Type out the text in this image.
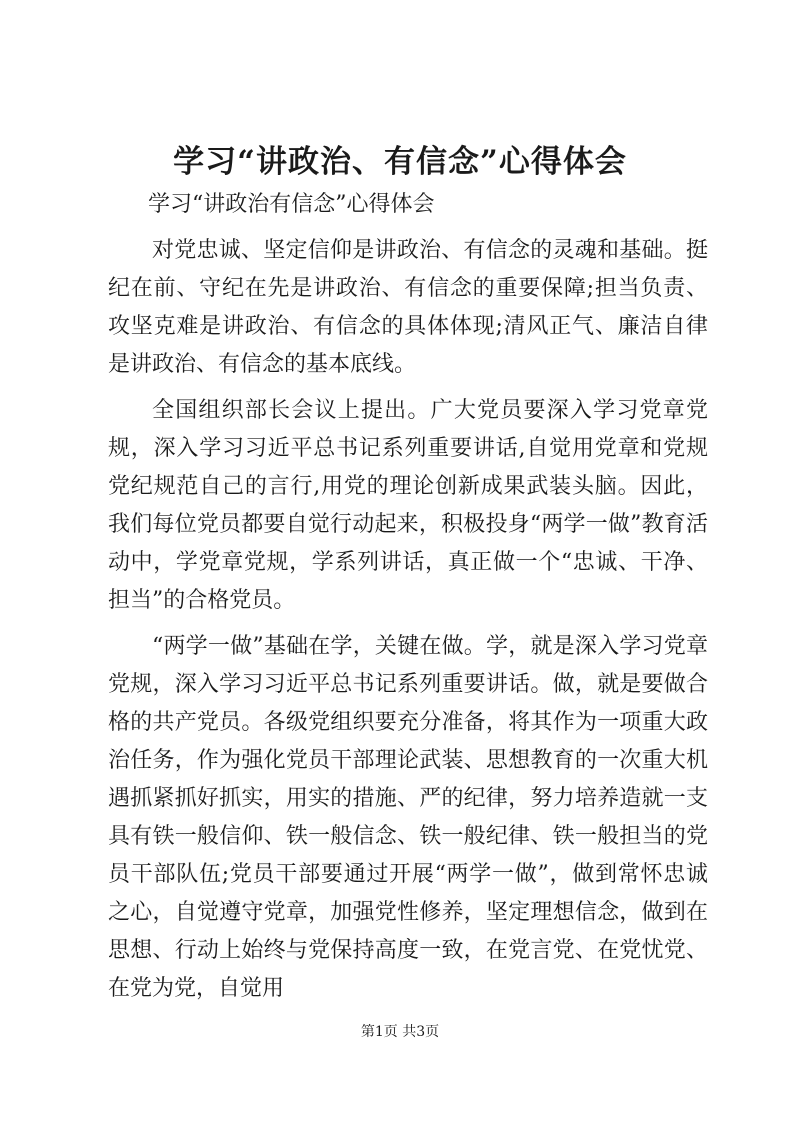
学习“讲政治、有信念”心得体会

学习“讲政治有信念”心得体会

对党忠诚、坚定信仰是讲政治、有信念的灵魂和基础。挺纪在前、守纪在先是讲政治、有信念的重要保障;担当负责、攻坚克难是讲政治、有信念的具体体现;清风正气、廉洁自律是讲政治、有信念的基本底线。

全国组织部长会议上提出。广大党员要深入学习党章党规，深入学习习近平总书记系列重要讲话,自觉用党章和党规党纪规范自己的言行,用党的理论创新成果武装头脑。因此，我们每位党员都要自觉行动起来，积极投身“两学一做”教育活动中，学党章党规，学系列讲话，真正做一个“忠诚、干净、担当”的合格党员。

“两学一做”基础在学，关键在做。学，就是深入学习党章党规，深入学习习近平总书记系列重要讲话。做，就是要做合格的共产党员。各级党组织要充分准备，将其作为一项重大政治任务，作为强化党员干部理论武装、思想教育的一次重大机遇抓紧抓好抓实，用实的措施、严的纪律，努力培养造就一支具有铁一般信仰、铁一般信念、铁一般纪律、铁一般担当的党员干部队伍;党员干部要通过开展“两学一做”，做到常怀忠诚之心，自觉遵守党章，加强党性修养，坚定理想信念，做到在思想、行动上始终与党保持高度一致，在党言党、在党忧党、在党为党，自觉用

第1页 共3页
